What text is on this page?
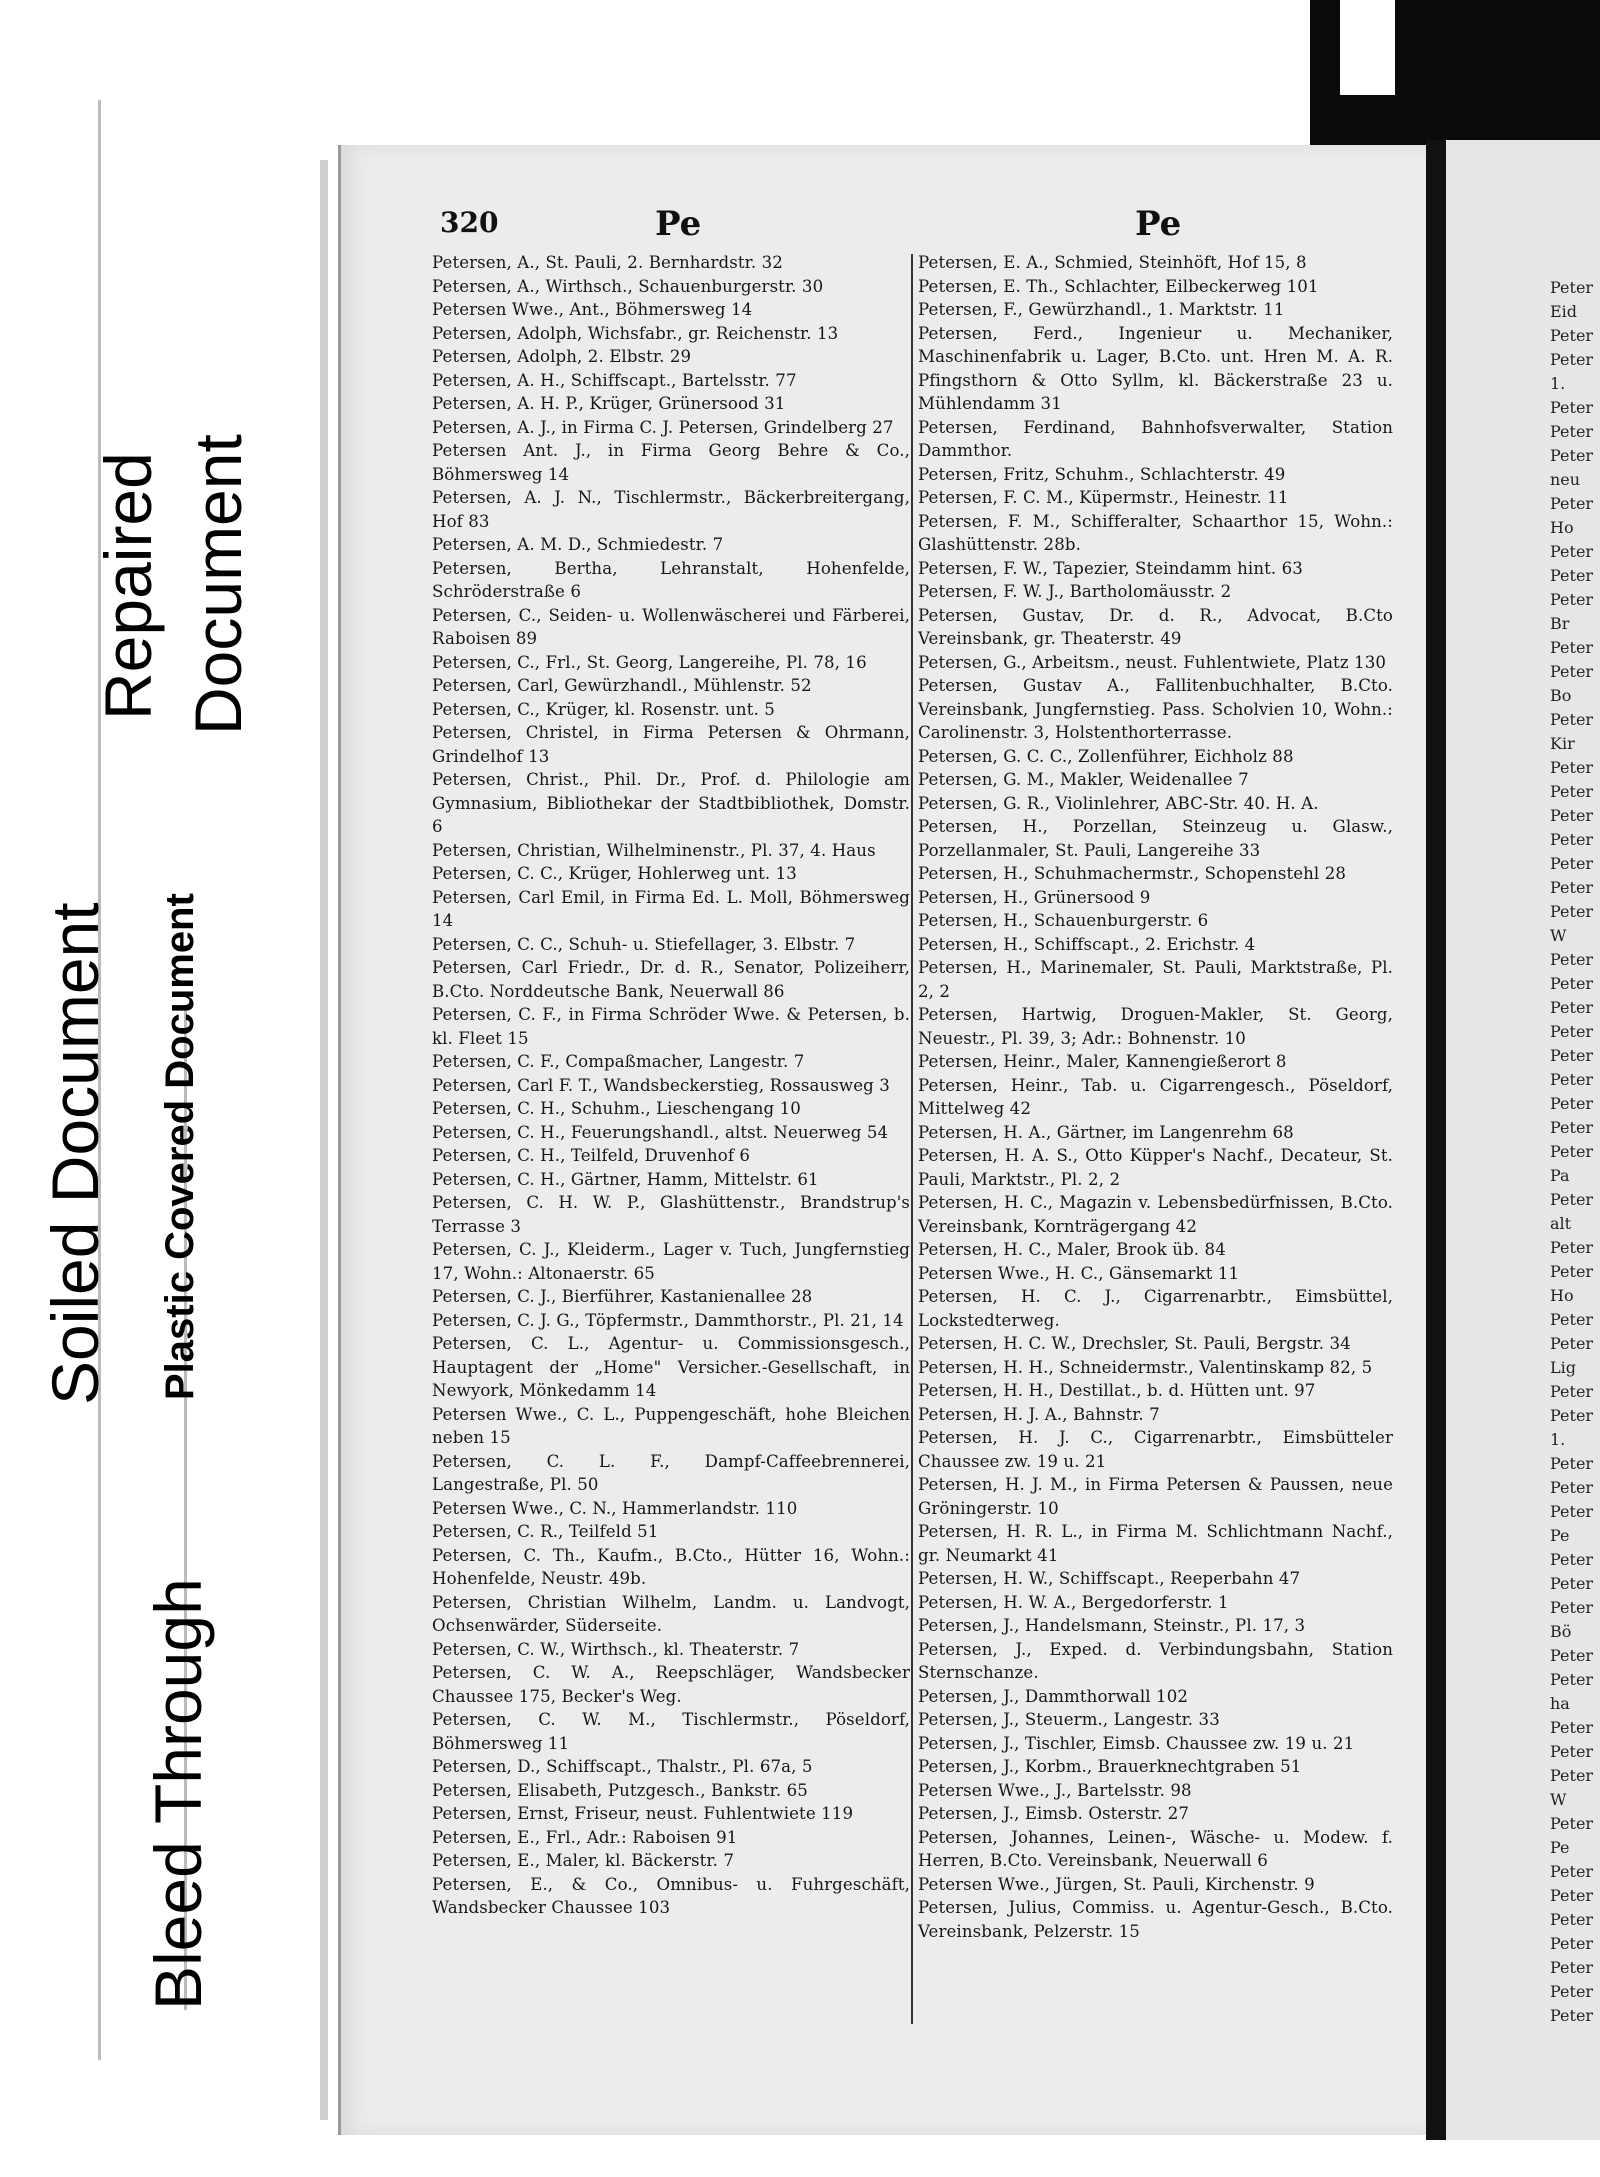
Repaired Document
Soiled Document Plastic Covered Document
Bleed Through
320	Pe	Pe
Petersen, A., St. Pauli, 2. Bernhardstr. 32
Petersen, A., Wirthsch., Schauenburgerstr. 30
Petersen Wwe., Ant., Böhmersweg 14
Petersen, Adolph, Wichsfabr., gr. Reichenstr. 13
Petersen, Adolph, 2. Elbstr. 29
Petersen, A. H., Schiffscapt., Bartelsstr. 77
Petersen, A. H. P., Krüger, Grünersood 31
Petersen, A. J., in Firma C. J. Petersen, Grindelberg 27
Petersen Ant. J., in Firma Georg Behre & Co., Böhmersweg 14
Petersen, A. J. N., Tischlermstr., Bäckerbreitergang, Hof 83
Petersen, A. M. D., Schmiedestr. 7
Petersen, Bertha, Lehranstalt, Hohenfelde, Schröderstraße 6
Petersen, C., Seiden- u. Wollenwäscherei und Färberei, Raboisen 89
Petersen, C., Frl., St. Georg, Langereihe, Pl. 78, 16
Petersen, Carl, Gewürzhandl., Mühlenstr. 52
Petersen, C., Krüger, kl. Rosenstr. unt. 5
Petersen, Christel, in Firma Petersen & Ohrmann, Grindelhof 13
Petersen, Christ., Phil. Dr., Prof. d. Philologie am Gymnasium, Bibliothekar der Stadtbibliothek, Domstr. 6
Petersen, Christian, Wilhelminenstr., Pl. 37, 4. Haus
Petersen, C. C., Krüger, Hohlerweg unt. 13
Petersen, Carl Emil, in Firma Ed. L. Moll, Böhmersweg 14
Petersen, C. C., Schuh- u. Stiefellager, 3. Elbstr. 7
Petersen, Carl Friedr., Dr. d. R., Senator, Polizeiherr, B.Cto. Norddeutsche Bank, Neuerwall 86
Petersen, C. F., in Firma Schröder Wwe. & Petersen, b. kl. Fleet 15
Petersen, C. F., Compaßmacher, Langestr. 7
Petersen, Carl F. T., Wandsbeckerstieg, Rossausweg 3
Petersen, C. H., Schuhm., Lieschengang 10
Petersen, C. H., Feuerungshandl., altst. Neuerweg 54
Petersen, C. H., Teilfeld, Druvenhof 6
Petersen, C. H., Gärtner, Hamm, Mittelstr. 61
Petersen, C. H. W. P., Glashüttenstr., Brandstrup's Terrasse 3
Petersen, C. J., Kleiderm., Lager v. Tuch, Jungfernstieg 17, Wohn.: Altonaerstr. 65
Petersen, C. J., Bierführer, Kastanienallee 28
Petersen, C. J. G., Töpfermstr., Dammthorstr., Pl. 21, 14
Petersen, C. L., Agentur- u. Commissionsgesch., Hauptagent der „Home" Versicher.-Gesellschaft, in Newyork, Mönkedamm 14
Petersen Wwe., C. L., Puppengeschäft, hohe Bleichen neben 15
Petersen, C. L. F., Dampf-Caffeebrennerei, Langestraße, Pl. 50
Petersen Wwe., C. N., Hammerlandstr. 110
Petersen, C. R., Teilfeld 51
Petersen, C. Th., Kaufm., B.Cto., Hütter 16, Wohn.: Hohenfelde, Neustr. 49b.
Petersen, Christian Wilhelm, Landm. u. Landvogt, Ochsenwärder, Süderseite.
Petersen, C. W., Wirthsch., kl. Theaterstr. 7
Petersen, C. W. A., Reepschläger, Wandsbecker Chaussee 175, Becker's Weg.
Petersen, C. W. M., Tischlermstr., Pöseldorf, Böhmersweg 11
Petersen, D., Schiffscapt., Thalstr., Pl. 67a, 5
Petersen, Elisabeth, Putzgesch., Bankstr. 65
Petersen, Ernst, Friseur, neust. Fuhlentwiete 119
Petersen, E., Frl., Adr.: Raboisen 91
Petersen, E., Maler, kl. Bäckerstr. 7
Petersen, E., & Co., Omnibus- u. Fuhrgeschäft, Wandsbecker Chaussee 103
Petersen, E. A., Schmied, Steinhöft, Hof 15, 8
Petersen, E. Th., Schlachter, Eilbeckerweg 101
Petersen, F., Gewürzhandl., 1. Marktstr. 11
Petersen, Ferd., Ingenieur u. Mechaniker, Maschinenfabrik u. Lager, B.Cto. unt. Hren M. A. R. Pfingsthorn & Otto Syllm, kl. Bäckerstraße 23 u. Mühlendamm 31
Petersen, Ferdinand, Bahnhofsverwalter, Station Dammthor.
Petersen, Fritz, Schuhm., Schlachterstr. 49
Petersen, F. C. M., Küpermstr., Heinestr. 11
Petersen, F. M., Schifferalter, Schaarthor 15, Wohn.: Glashüttenstr. 28b.
Petersen, F. W., Tapezier, Steindamm hint. 63
Petersen, F. W. J., Bartholomäusstr. 2
Petersen, Gustav, Dr. d. R., Advocat, B.Cto Vereinsbank, gr. Theaterstr. 49
Petersen, G., Arbeitsm., neust. Fuhlentwiete, Platz 130
Petersen, Gustav A., Fallitenbuchhalter, B.Cto. Vereinsbank, Jungfernstieg. Pass. Scholvien 10, Wohn.: Carolinenstr. 3, Holstenthorterrasse.
Petersen, G. C. C., Zollenführer, Eichholz 88
Petersen, G. M., Makler, Weidenallee 7
Petersen, G. R., Violinlehrer, ABC-Str. 40. H. A.
Petersen, H., Porzellan, Steinzeug u. Glasw., Porzellanmaler, St. Pauli, Langereihe 33
Petersen, H., Schuhmachermstr., Schopenstehl 28
Petersen, H., Grünersood 9
Petersen, H., Schauenburgerstr. 6
Petersen, H., Schiffscapt., 2. Erichstr. 4
Petersen, H., Marinemaler, St. Pauli, Marktstraße, Pl. 2, 2
Petersen, Hartwig, Droguen-Makler, St. Georg, Neuestr., Pl. 39, 3; Adr.: Bohnenstr. 10
Petersen, Heinr., Maler, Kannengießerort 8
Petersen, Heinr., Tab. u. Cigarrengesch., Pöseldorf, Mittelweg 42
Petersen, H. A., Gärtner, im Langenrehm 68
Petersen, H. A. S., Otto Küpper's Nachf., Decateur, St. Pauli, Marktstr., Pl. 2, 2
Petersen, H. C., Magazin v. Lebensbedürfnissen, B.Cto. Vereinsbank, Kornträgergang 42
Petersen, H. C., Maler, Brook üb. 84
Petersen Wwe., H. C., Gänsemarkt 11
Petersen, H. C. J., Cigarrenarbtr., Eimsbüttel, Lockstedterweg.
Petersen, H. C. W., Drechsler, St. Pauli, Bergstr. 34
Petersen, H. H., Schneidermstr., Valentinskamp 82, 5
Petersen, H. H., Destillat., b. d. Hütten unt. 97
Petersen, H. J. A., Bahnstr. 7
Petersen, H. J. C., Cigarrenarbtr., Eimsbütteler Chaussee zw. 19 u. 21
Petersen, H. J. M., in Firma Petersen & Paussen, neue Gröningerstr. 10
Petersen, H. R. L., in Firma M. Schlichtmann Nachf., gr. Neumarkt 41
Petersen, H. W., Schiffscapt., Reeperbahn 47
Petersen, H. W. A., Bergedorferstr. 1
Petersen, J., Handelsmann, Steinstr., Pl. 17, 3
Petersen, J., Exped. d. Verbindungsbahn, Station Sternschanze.
Petersen, J., Dammthorwall 102
Petersen, J., Steuerm., Langestr. 33
Petersen, J., Tischler, Eimsb. Chaussee zw. 19 u. 21
Petersen, J., Korbm., Brauerknechtgraben 51
Petersen Wwe., J., Bartelsstr. 98
Petersen, J., Eimsb. Osterstr. 27
Petersen, Johannes, Leinen-, Wäsche- u. Modew. f. Herren, B.Cto. Vereinsbank, Neuerwall 6
Petersen Wwe., Jürgen, St. Pauli, Kirchenstr. 9
Petersen, Julius, Commiss. u. Agentur-Gesch., B.Cto. Vereinsbank, Pelzerstr. 15
Peter
Eid
Peter
Peter
1.
Peter
Peter
Peter
neu
Peter
Ho
Peter
Peter
Peter
Br
Peter
Peter
Bo
Peter
Kir
Peter
Peter
Peter
Peter
Peter
Peter
Peter
W
Peter
Peter
Peter
Peter
Peter
Peter
Peter
Peter
Peter
Pa
Peter
alt
Peter
Peter
Ho
Peter
Peter
Lig
Peter
Peter
1.
Peter
Peter
Peter
Pe
Peter
Peter
Peter
Bö
Peter
Peter
ha
Peter
Peter
Peter
W
Peter
Pe
Peter
Peter
Peter
Peter
Peter
Peter
Peter
